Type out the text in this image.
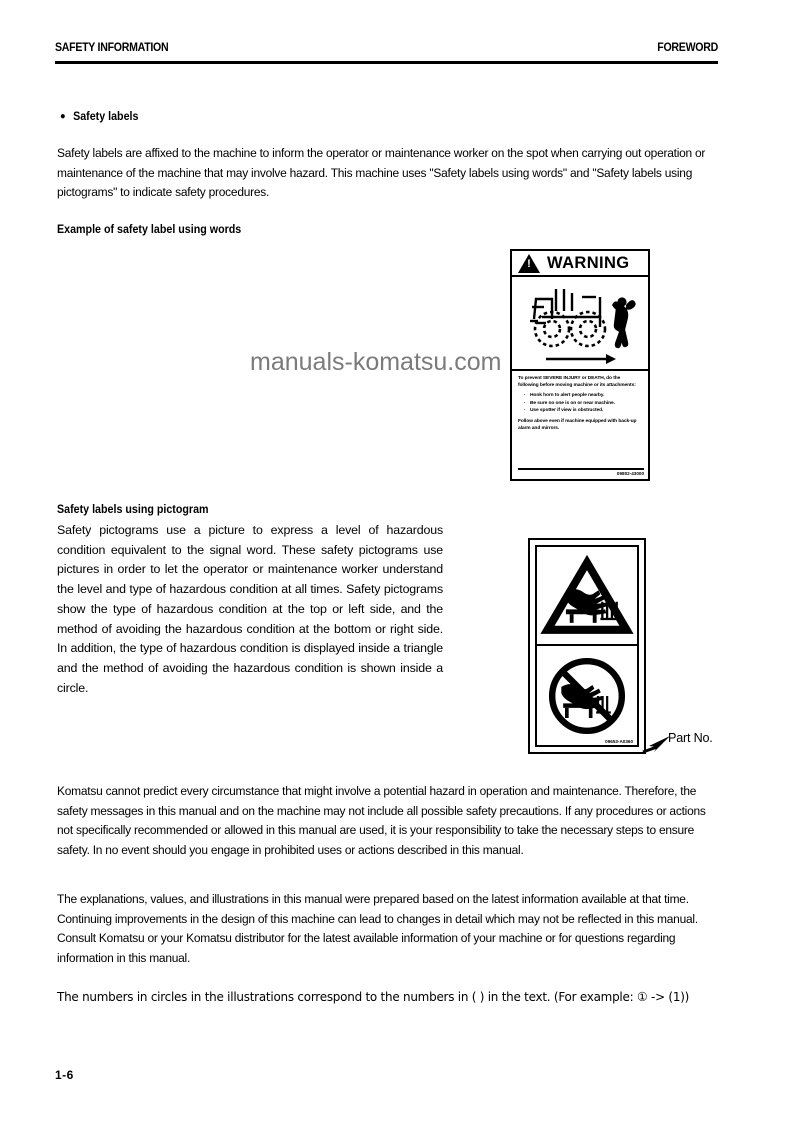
SAFETY INFORMATION	FOREWORD
● Safety labels
Safety labels are affixed to the machine to inform the operator or maintenance worker on the spot when carrying out operation or maintenance of the machine that may involve hazard. This machine uses "Safety labels using words" and "Safety labels using pictograms" to indicate safety procedures.
Example of safety label using words
!
WARNING

To prevent SEVERE INJURY or DEATH, do the following before moving machine or its attachments:

· Honk horn to alert people nearby.
· Be sure no one is on or near machine.
· Use spotter if view is obstructed.

Follow above even if machine equipped with back-up alarm and mirrors.

09802-43000
manuals-komatsu.com
Safety labels using pictogram
Safety pictograms use a picture to express a level of hazardous condition equivalent to the signal word. These safety pictograms use pictures in order to let the operator or maintenance worker understand the level and type of hazardous condition at all times. Safety pictograms show the type of hazardous condition at the top or left side, and the method of avoiding the hazardous condition at the bottom or right side. In addition, the type of hazardous condition is displayed inside a triangle and the method of avoiding the hazardous condition is shown inside a circle.
09653-A0360	Part No.
Komatsu cannot predict every circumstance that might involve a potential hazard in operation and maintenance. Therefore, the safety messages in this manual and on the machine may not include all possible safety precautions. If any procedures or actions not specifically recommended or allowed in this manual are used, it is your responsibility to take the necessary steps to ensure safety. In no event should you engage in prohibited uses or actions described in this manual.
The explanations, values, and illustrations in this manual were prepared based on the latest information available at that time. Continuing improvements in the design of this machine can lead to changes in detail which may not be reflected in this manual. Consult Komatsu or your Komatsu distributor for the latest available information of your machine or for questions regarding information in this manual.
The numbers in circles in the illustrations correspond to the numbers in ( ) in the text. (For example: ① -> (1))
1-6
